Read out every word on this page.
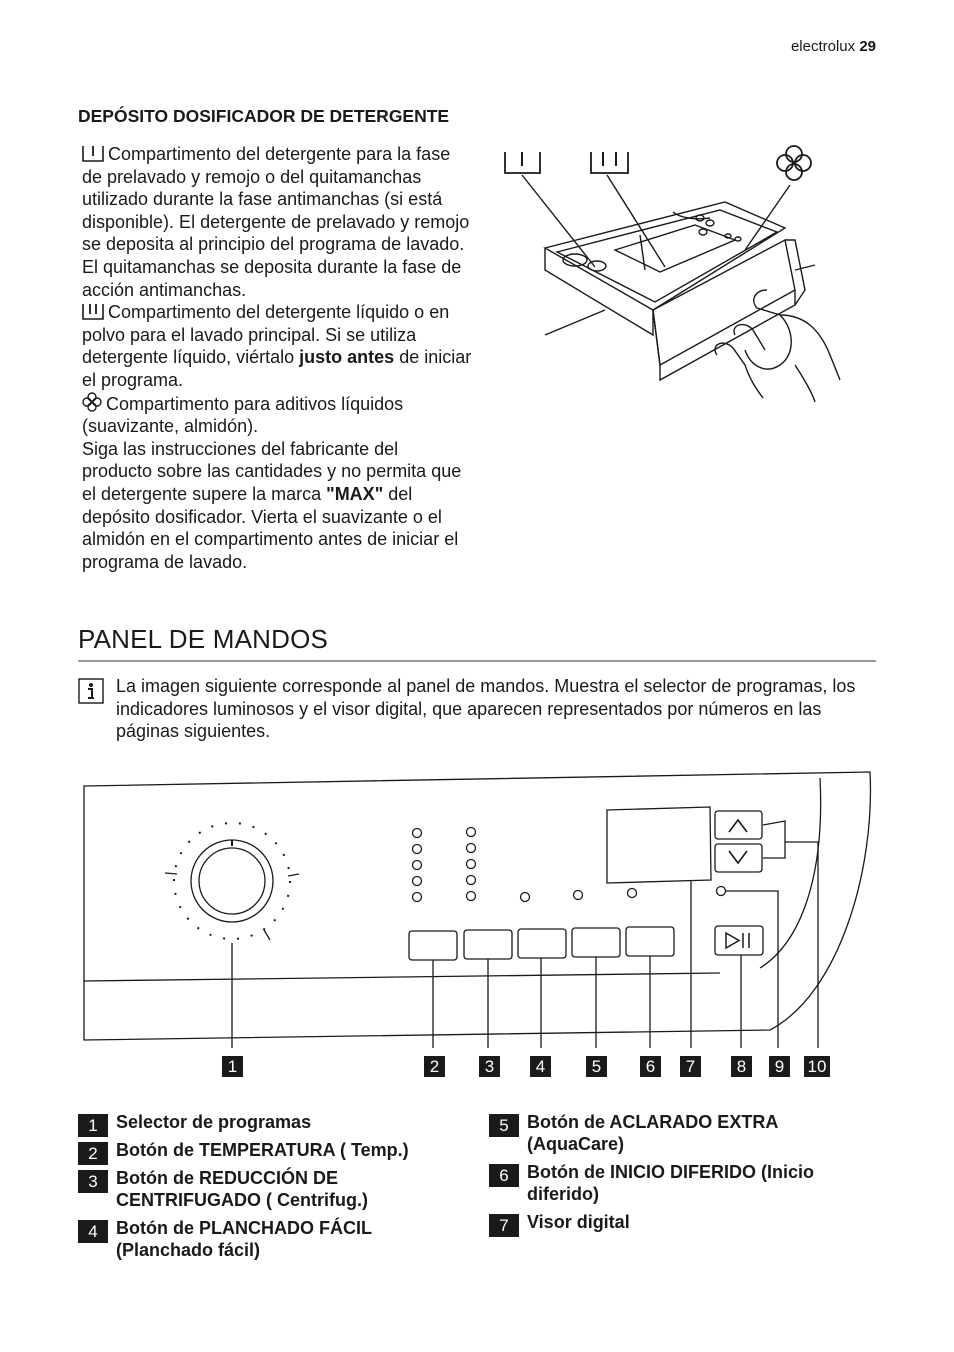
electrolux 29
DEPÓSITO DOSIFICADOR DE DETERGENTE

Compartimento del detergente para la fase de prelavado y remojo o del quitamanchas utilizado durante la fase antimanchas (si está disponible). El detergente de prelavado y remojo se deposita al principio del programa de lavado. El quitamanchas se deposita durante la fase de acción antimanchas.

Compartimento del detergente líquido o en polvo para el lavado principal. Si se utiliza detergente líquido, viértalo justo antes de iniciar el programa.

Compartimento para aditivos líquidos (suavizante, almidón).

Siga las instrucciones del fabricante del producto sobre las cantidades y no permita que el detergente supere la marca "MAX" del depósito dosificador. Vierta el suavizante o el almidón en el compartimento antes de iniciar el programa de lavado.

PANEL DE MANDOS
La imagen siguiente corresponde al panel de mandos. Muestra el selector de programas, los indicadores luminosos y el visor digital, que aparecen representados por números en las páginas siguientes.
1	2	3	4	5	6	7	8	9	10
1	Selector de programas
2	Botón de TEMPERATURA ( Temp.)
3	Botón de REDUCCIÓN DE CENTRIFUGADO ( Centrifug.)
4	Botón de PLANCHADO FÁCIL (Planchado fácil)
5	Botón de ACLARADO EXTRA (AquaCare)
6	Botón de INICIO DIFERIDO (Inicio diferido)
7	Visor digital
